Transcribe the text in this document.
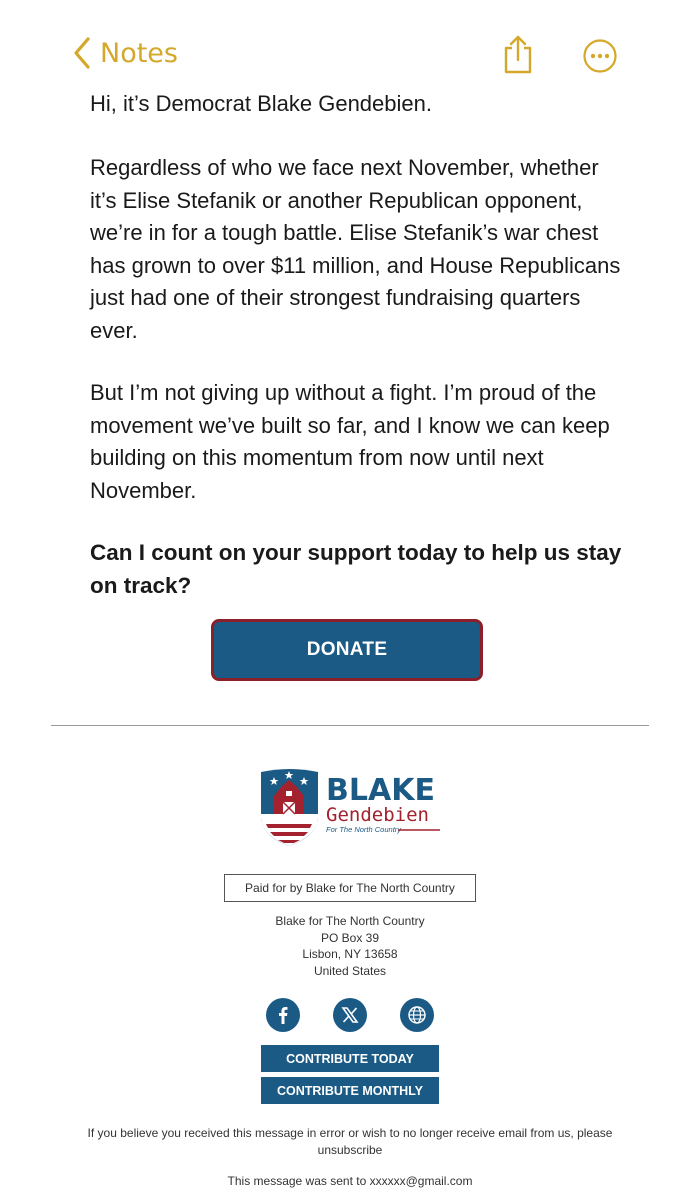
Notes
Hi, it’s Democrat Blake Gendebien.
Regardless of who we face next November, whether it’s Elise Stefanik or another Republican opponent, we’re in for a tough battle. Elise Stefanik’s war chest has grown to over $11 million, and House Republicans just had one of their strongest fundraising quarters ever.
But I’m not giving up without a fight. I’m proud of the movement we’ve built so far, and I know we can keep building on this momentum from now until next November.
Can I count on your support today to help us stay on track?
DONATE
BLAKE
Gendebien
For The North Country
Paid for by Blake for The North Country
Blake for The North Country
PO Box 39
Lisbon, NY 13658
United States
CONTRIBUTE TODAY
CONTRIBUTE MONTHLY
If you believe you received this message in error or wish to no longer receive email from us, please
unsubscribe
This message was sent to xxxxxx@gmail.com
